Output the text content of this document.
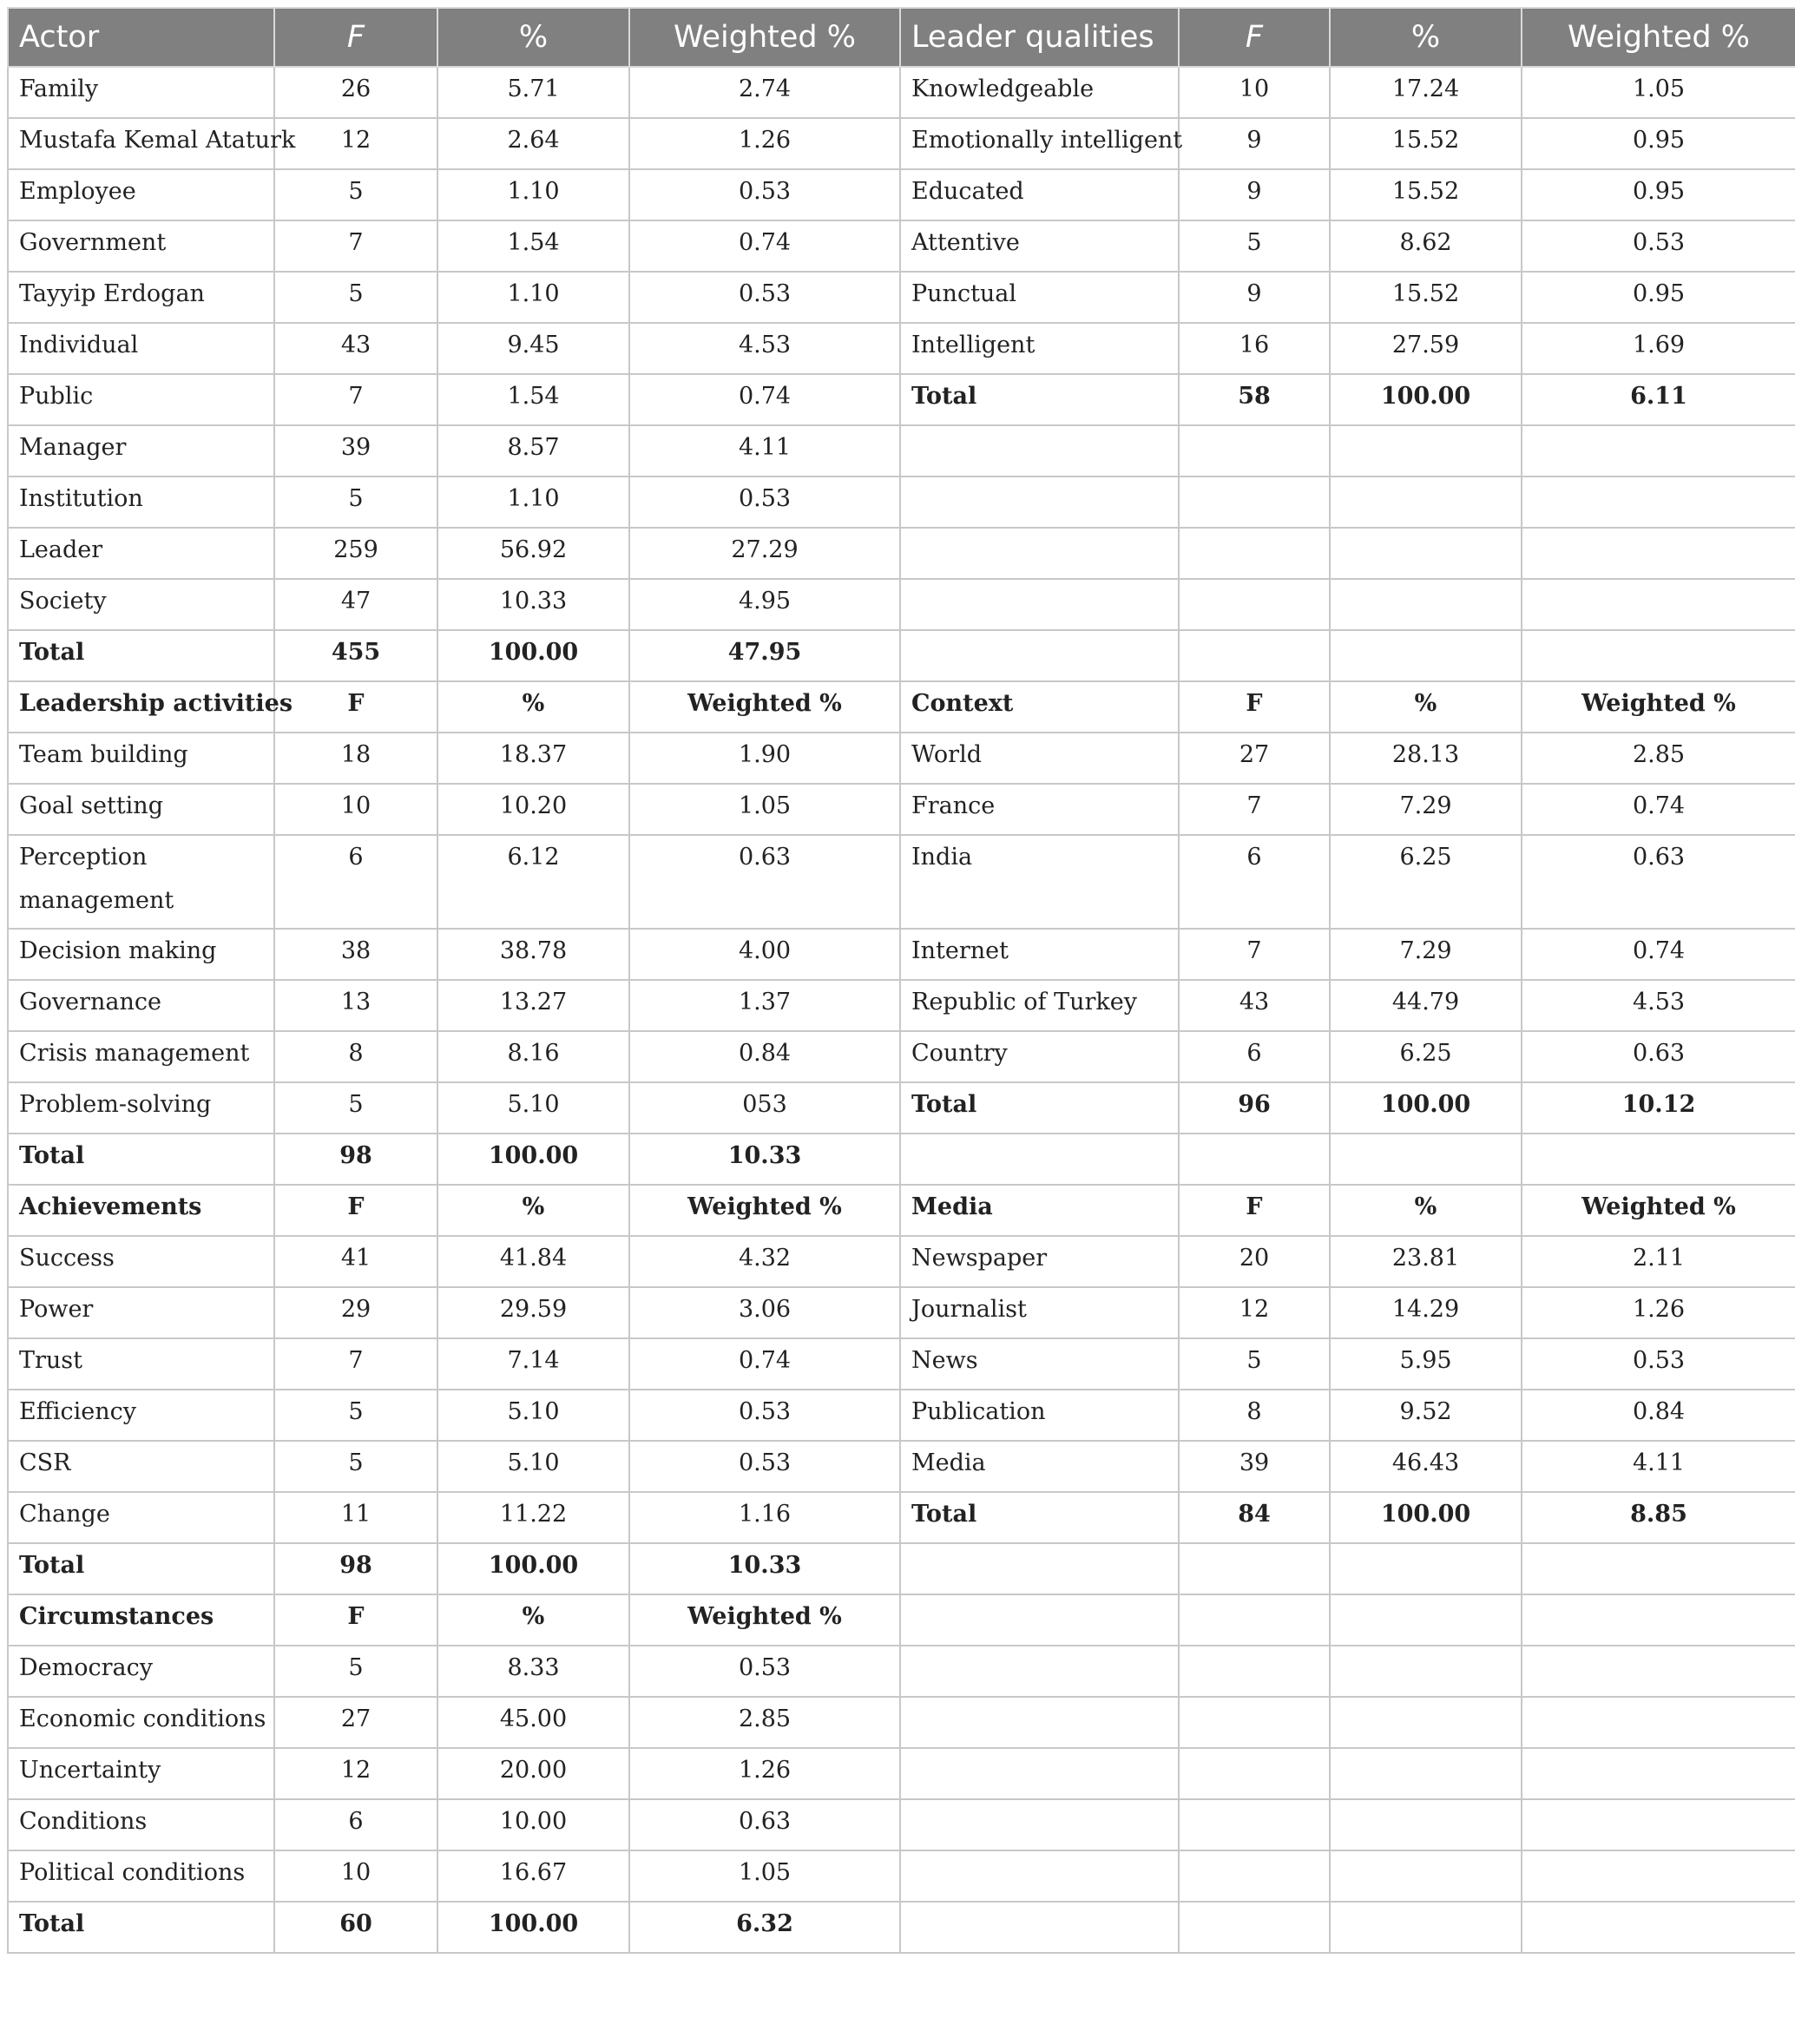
Actor	F	%	Weighted %	Leader qualities	F	%	Weighted %
Family	26	5.71	2.74	Knowledgeable	10	17.24	1.05
Mustafa Kemal Ataturk	12	2.64	1.26	Emotionally intelligent	9	15.52	0.95
Employee	5	1.10	0.53	Educated	9	15.52	0.95
Government	7	1.54	0.74	Attentive	5	8.62	0.53
Tayyip Erdogan	5	1.10	0.53	Punctual	9	15.52	0.95
Individual	43	9.45	4.53	Intelligent	16	27.59	1.69
Public	7	1.54	0.74	Total	58	100.00	6.11
Manager	39	8.57	4.11				
Institution	5	1.10	0.53				
Leader	259	56.92	27.29				
Society	47	10.33	4.95				
Total	455	100.00	47.95				
Leadership activities	F	%	Weighted %	Context	F	%	Weighted %
Team building	18	18.37	1.90	World	27	28.13	2.85
Goal setting	10	10.20	1.05	France	7	7.29	0.74
Perception management	6	6.12	0.63	India	6	6.25	0.63
Decision making	38	38.78	4.00	Internet	7	7.29	0.74
Governance	13	13.27	1.37	Republic of Turkey	43	44.79	4.53
Crisis management	8	8.16	0.84	Country	6	6.25	0.63
Problem-solving	5	5.10	053	Total	96	100.00	10.12
Total	98	100.00	10.33				
Achievements	F	%	Weighted %	Media	F	%	Weighted %
Success	41	41.84	4.32	Newspaper	20	23.81	2.11
Power	29	29.59	3.06	Journalist	12	14.29	1.26
Trust	7	7.14	0.74	News	5	5.95	0.53
Efficiency	5	5.10	0.53	Publication	8	9.52	0.84
CSR	5	5.10	0.53	Media	39	46.43	4.11
Change	11	11.22	1.16	Total	84	100.00	8.85
Total	98	100.00	10.33				
Circumstances	F	%	Weighted %				
Democracy	5	8.33	0.53				
Economic conditions	27	45.00	2.85				
Uncertainty	12	20.00	1.26				
Conditions	6	10.00	0.63				
Political conditions	10	16.67	1.05				
Total	60	100.00	6.32				
